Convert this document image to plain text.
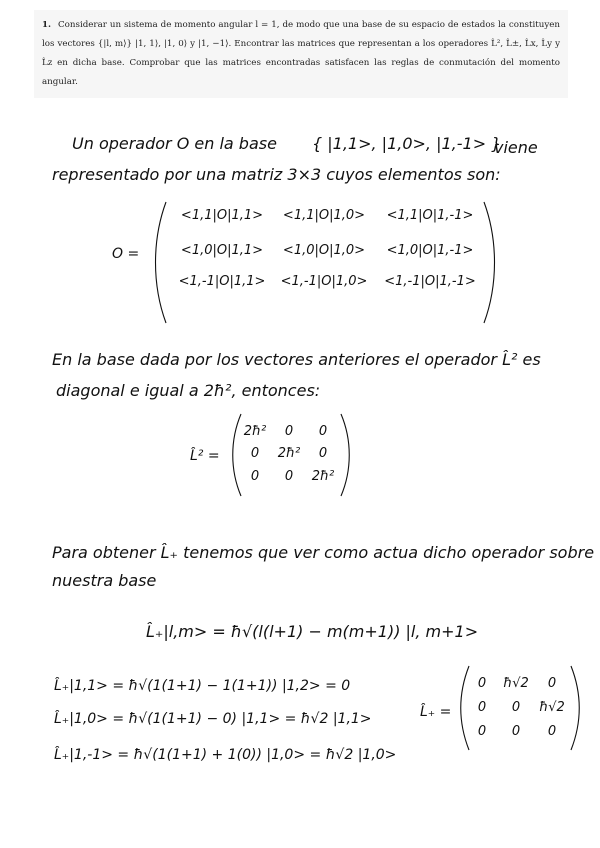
1. Considerar un sistema de momento angular l = 1, de modo que una base de su espacio de estados la constituyen los vectores {|l, m⟩} |1, 1⟩, |1, 0⟩ y |1, −1⟩. Encontrar las matrices que representan a los operadores L̂², L̂±, L̂x, L̂y y L̂z en dicha base. Comprobar que las matrices encontradas satisfacen las reglas de conmutación del momento angular.
Un operador O en la base { |1,1>, |1,0>, |1,-1> }
viene
representado por una matriz 3×3 cuyos elementos son:
O =
<1,1|O|1,1>	<1,1|O|1,0>	<1,1|O|1,-1>
<1,0|O|1,1>	<1,0|O|1,0>	<1,0|O|1,-1>
<1,-1|O|1,1>	<1,-1|O|1,0>	<1,-1|O|1,-1>
En la base dada por los vectores anteriores el operador L̂² es
diagonal e igual a 2ħ², entonces:
L̂² =
2ħ²	0	0
0	2ħ²	0
0	0	2ħ²
Para obtener L̂₊ tenemos que ver como actua dicho operador sobre
nuestra base
L̂₊|l,m> = ħ√(l(l+1) − m(m+1)) |l, m+1>
L̂₊|1,1> = ħ√(1(1+1) − 1(1+1)) |1,2> = 0
L̂₊|1,0> = ħ√(1(1+1) − 0) |1,1> = ħ√2 |1,1>
L̂₊|1,-1> = ħ√(1(1+1) + 1(0)) |1,0> = ħ√2 |1,0>
L̂₊ =
0	ħ√2	0
0	0	ħ√2
0	0	0
